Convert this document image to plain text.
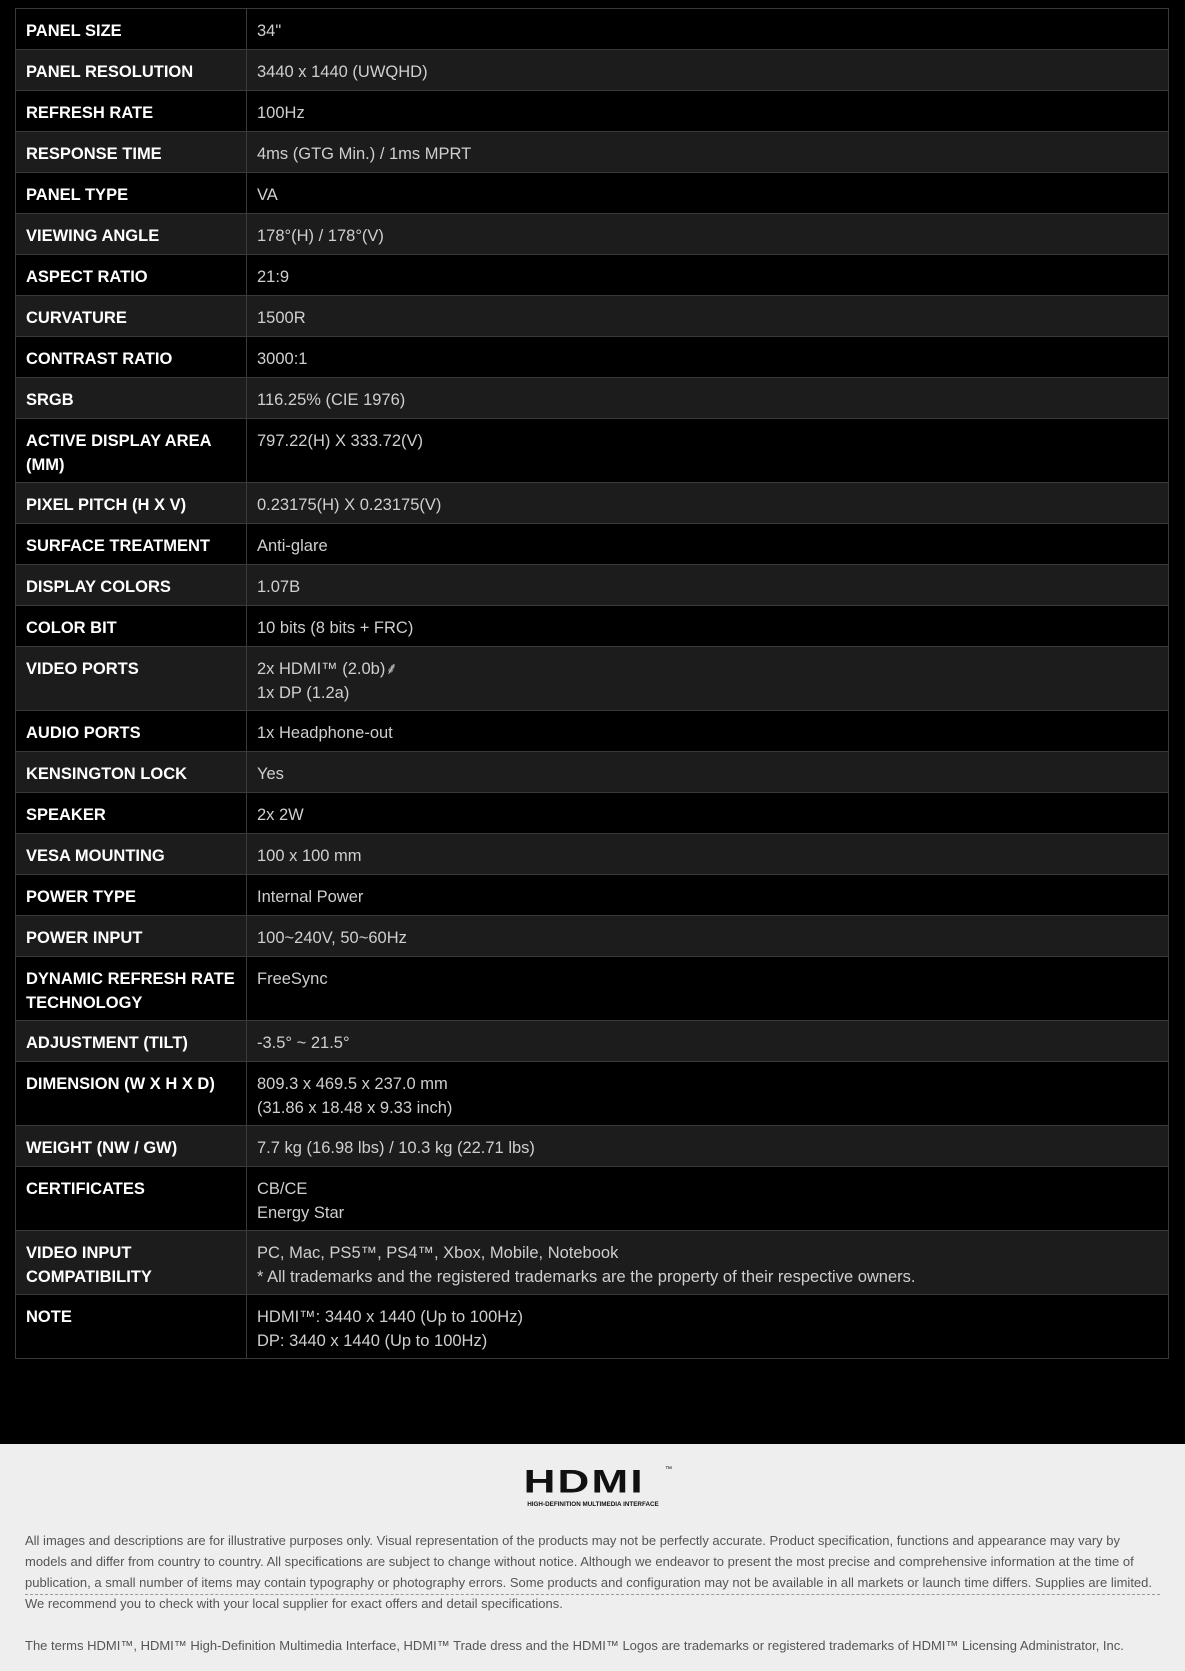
PANEL SIZE	34"

PANEL RESOLUTION	3440 x 1440 (UWQHD)

REFRESH RATE	100Hz

RESPONSE TIME	4ms (GTG Min.) / 1ms MPRT

PANEL TYPE	VA

VIEWING ANGLE	178°(H) / 178°(V)

ASPECT RATIO	21:9

CURVATURE	1500R

CONTRAST RATIO	3000:1

SRGB	116.25% (CIE 1976)

ACTIVE DISPLAY AREA (MM)	797.22(H) X 333.72(V)

PIXEL PITCH (H X V)	0.23175(H) X 0.23175(V)

SURFACE TREATMENT	Anti-glare

DISPLAY COLORS	1.07B

COLOR BIT	10 bits (8 bits + FRC)

VIDEO PORTS	2x HDMI™ (2.0b)⸙
1x DP (1.2a)

AUDIO PORTS	1x Headphone-out

KENSINGTON LOCK	Yes

SPEAKER	2x 2W

VESA MOUNTING	100 x 100 mm

POWER TYPE	Internal Power

POWER INPUT	100~240V, 50~60Hz

DYNAMIC REFRESH RATE TECHNOLOGY	FreeSync

ADJUSTMENT (TILT)	-3.5° ~ 21.5°

DIMENSION (W X H X D)	809.3 x 469.5 x 237.0 mm
(31.86 x 18.48 x 9.33 inch)

WEIGHT (NW / GW)	7.7 kg (16.98 lbs) / 10.3 kg (22.71 lbs)

CERTIFICATES	CB/CE
Energy Star

VIDEO INPUT COMPATIBILITY	PC, Mac, PS5™, PS4™, Xbox, Mobile, Notebook
* All trademarks and the registered trademarks are the property of their respective owners.

NOTE	HDMI™: 3440 x 1440 (Up to 100Hz)
DP: 3440 x 1440 (Up to 100Hz)
HDMI	™
HIGH-DEFINITION MULTIMEDIA INTERFACE
All images and descriptions are for illustrative purposes only. Visual representation of the products may not be perfectly accurate. Product specification, functions and appearance may vary by models and differ from country to country. All specifications are subject to change without notice. Although we endeavor to present the most precise and comprehensive information at the time of publication, a small number of items may contain typography or photography errors. Some products and configuration may not be available in all markets or launch time differs. Supplies are limited. We recommend you to check with your local supplier for exact offers and detail specifications.
The terms HDMI™, HDMI™ High-Definition Multimedia Interface, HDMI™ Trade dress and the HDMI™ Logos are trademarks or registered trademarks of HDMI™ Licensing Administrator, Inc.
